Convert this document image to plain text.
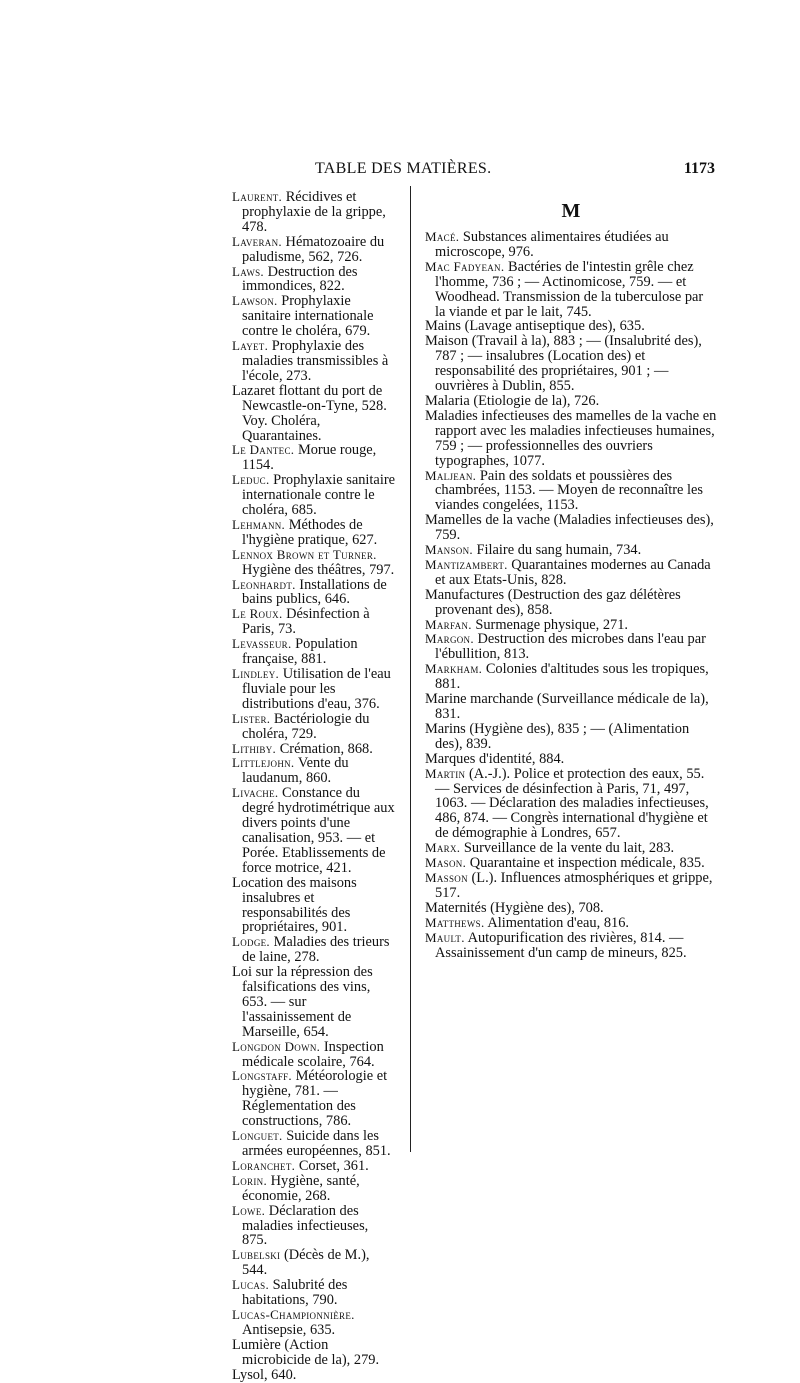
TABLE DES MATIÈRES.	1173

Laurent. Récidives et prophylaxie de la grippe, 478.

Laveran. Hématozoaire du paludisme, 562, 726.

Laws. Destruction des immondices, 822.

Lawson. Prophylaxie sanitaire internationale contre le choléra, 679.

Layet. Prophylaxie des maladies transmissibles à l'école, 273.

Lazaret flottant du port de Newcastle-on-Tyne, 528. Voy. Choléra, Quarantaines.

Le Dantec. Morue rouge, 1154.

Leduc. Prophylaxie sanitaire internationale contre le choléra, 685.

Lehmann. Méthodes de l'hygiène pratique, 627.

Lennox Brown et Turner. Hygiène des théâtres, 797.

Leonhardt. Installations de bains publics, 646.

Le Roux. Désinfection à Paris, 73.

Levasseur. Population française, 881.

Lindley. Utilisation de l'eau fluviale pour les distributions d'eau, 376.

Lister. Bactériologie du choléra, 729.

Lithiby. Crémation, 868.

Littlejohn. Vente du laudanum, 860.

Livache. Constance du degré hydrotimétrique aux divers points d'une canalisation, 953. — et Porée. Etablissements de force motrice, 421.

Location des maisons insalubres et responsabilités des propriétaires, 901.

Lodge. Maladies des trieurs de laine, 278.

Loi sur la répression des falsifications des vins, 653. — sur l'assainissement de Marseille, 654.

Longdon Down. Inspection médicale scolaire, 764.

Longstaff. Météorologie et hygiène, 781. — Réglementation des constructions, 786.

Longuet. Suicide dans les armées européennes, 851.

Loranchet. Corset, 361.

Lorin. Hygiène, santé, économie, 268.

Lowe. Déclaration des maladies infectieuses, 875.

Lubelski (Décès de M.), 544.

Lucas. Salubrité des habitations, 790.

Lucas-Championnière. Antisepsie, 635.

Lumière (Action microbicide de la), 279.

Lysol, 640.

M

Macé. Substances alimentaires étudiées au microscope, 976.

Mac Fadyean. Bactéries de l'intestin grêle chez l'homme, 736 ; — Actinomicose, 759. — et Woodhead. Transmission de la tuberculose par la viande et par le lait, 745.

Mains (Lavage antiseptique des), 635.

Maison (Travail à la), 883 ; — (Insalubrité des), 787 ; — insalubres (Location des) et responsabilité des propriétaires, 901 ; — ouvrières à Dublin, 855.

Malaria (Etiologie de la), 726.

Maladies infectieuses des mamelles de la vache en rapport avec les maladies infectieuses humaines, 759 ; — professionnelles des ouvriers typographes, 1077.

Maljean. Pain des soldats et poussières des chambrées, 1153. — Moyen de reconnaître les viandes congelées, 1153.

Mamelles de la vache (Maladies infectieuses des), 759.

Manson. Filaire du sang humain, 734.

Mantizambert. Quarantaines modernes au Canada et aux Etats-Unis, 828.

Manufactures (Destruction des gaz délétères provenant des), 858.

Marfan. Surmenage physique, 271.

Margon. Destruction des microbes dans l'eau par l'ébullition, 813.

Markham. Colonies d'altitudes sous les tropiques, 881.

Marine marchande (Surveillance médicale de la), 831.

Marins (Hygiène des), 835 ; — (Alimentation des), 839.

Marques d'identité, 884.

Martin (A.-J.). Police et protection des eaux, 55. — Services de désinfection à Paris, 71, 497, 1063. — Déclaration des maladies infectieuses, 486, 874. — Congrès international d'hygiène et de démographie à Londres, 657.

Marx. Surveillance de la vente du lait, 283.

Mason. Quarantaine et inspection médicale, 835.

Masson (L.). Influences atmosphériques et grippe, 517.

Maternités (Hygiène des), 708.

Matthews. Alimentation d'eau, 816.

Mault. Autopurification des rivières, 814. — Assainissement d'un camp de mineurs, 825.
